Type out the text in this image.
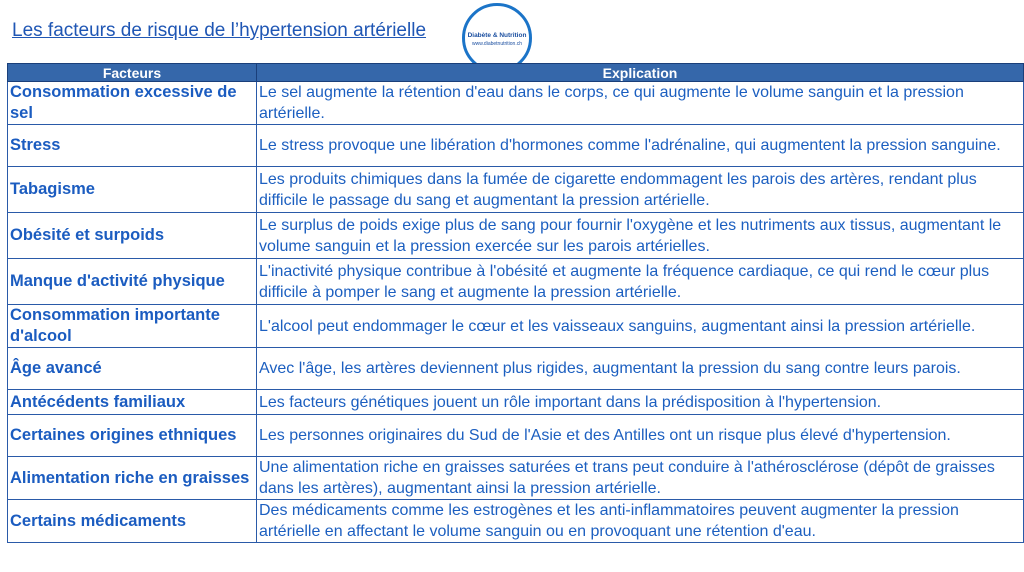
Les facteurs de risque de l’hypertension artérielle	Diabète & Nutrition
www.diabetnutrition.ch
Facteurs	Explication
Consommation excessive de sel	Le sel augmente la rétention d'eau dans le corps, ce qui augmente le volume sanguin et la pression artérielle.
Stress	Le stress provoque une libération d'hormones comme l'adrénaline, qui augmentent la pression sanguine.
Tabagisme	Les produits chimiques dans la fumée de cigarette endommagent les parois des artères, rendant plus difficile le passage du sang et augmentant la pression artérielle.
Obésité et surpoids	Le surplus de poids exige plus de sang pour fournir l'oxygène et les nutriments aux tissus, augmentant le volume sanguin et la pression exercée sur les parois artérielles.
Manque d'activité physique	L'inactivité physique contribue à l'obésité et augmente la fréquence cardiaque, ce qui rend le cœur plus difficile à pomper le sang et augmente la pression artérielle.
Consommation importante d'alcool	L'alcool peut endommager le cœur et les vaisseaux sanguins, augmentant ainsi la pression artérielle.
Âge avancé	Avec l'âge, les artères deviennent plus rigides, augmentant la pression du sang contre leurs parois.
Antécédents familiaux	Les facteurs génétiques jouent un rôle important dans la prédisposition à l'hypertension.
Certaines origines ethniques	Les personnes originaires du Sud de l'Asie et des Antilles ont un risque plus élevé d'hypertension.
Alimentation riche en graisses	Une alimentation riche en graisses saturées et trans peut conduire à l'athérosclérose (dépôt de graisses dans les artères), augmentant ainsi la pression artérielle.
Certains médicaments	Des médicaments comme les estrogènes et les anti-inflammatoires peuvent augmenter la pression artérielle en affectant le volume sanguin ou en provoquant une rétention d'eau.
